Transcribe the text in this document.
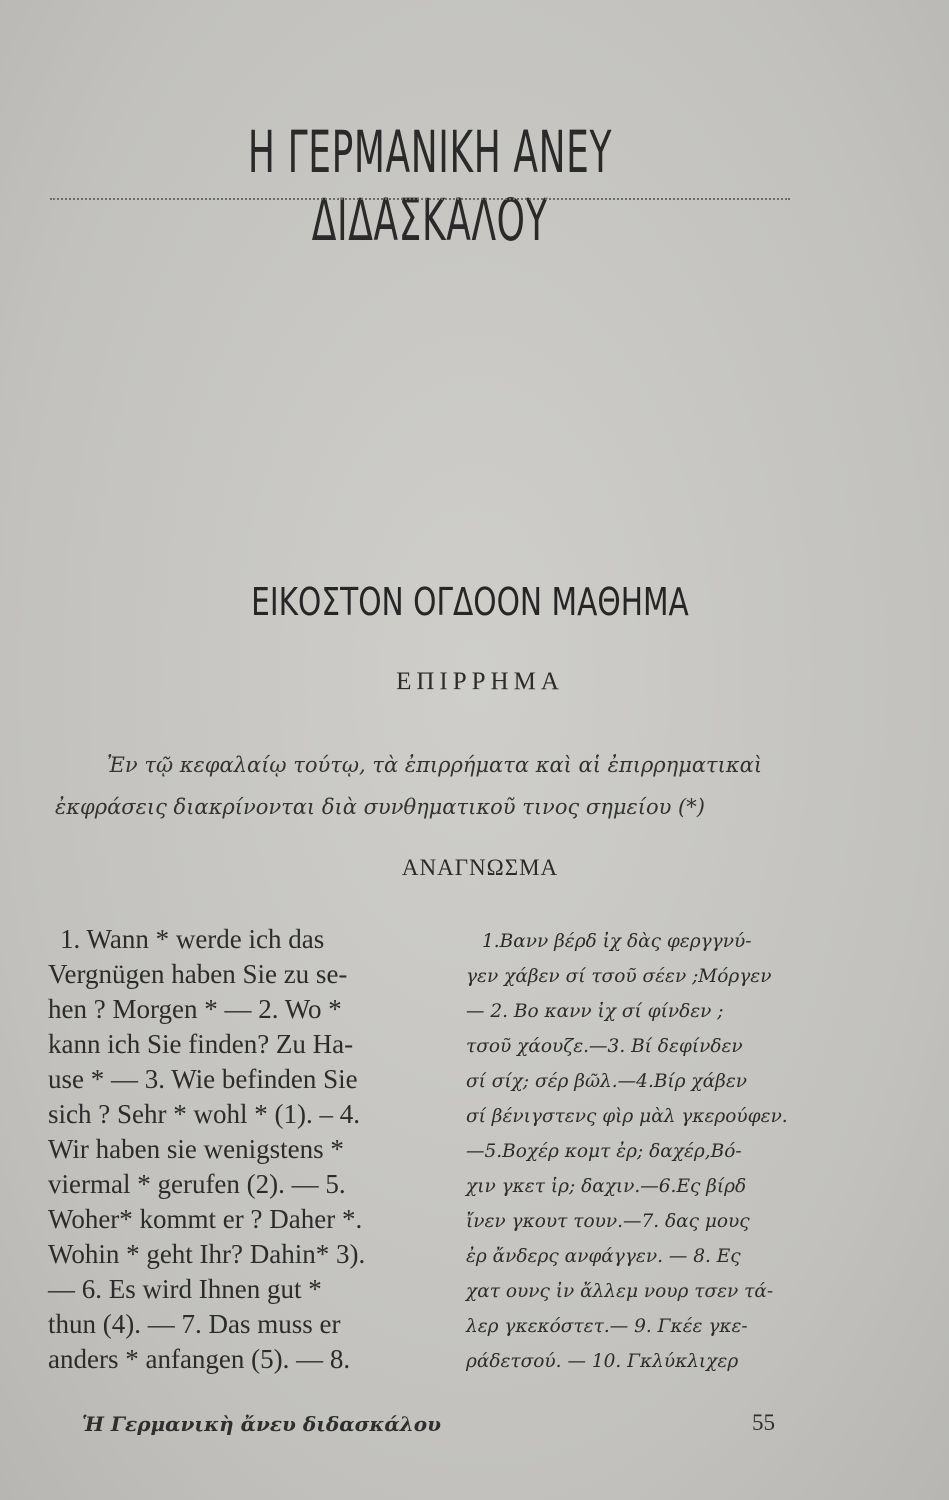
Η ΓΕΡΜΑΝΙΚΗ ΑΝΕΥ ΔΙΔΑΣΚΑΛΟΥ
ΕΙΚΟΣΤΟΝ ΟΓΔΟΟΝ ΜΑΘΗΜΑ
ΕΠΙΡΡΗΜΑ
Ἐν τῷ κεφαλαίῳ τούτῳ, τὰ ἐπιρρήματα καὶ αἱ ἐπιρρηματικαὶ
ἐκφράσεις διακρίνονται διὰ συνθηματικοῦ τινος σημείου (*)
ΑΝΑΓΝΩΣΜΑ
1. Wann * werde ich das
Vergnügen haben Sie zu se-
hen ? Morgen * — 2. Wo *
kann ich Sie finden? Zu Ha-
use * — 3. Wie befinden Sie
sich ? Sehr * wohl * (1). – 4.
Wir haben sie wenigstens *
viermal * gerufen (2). — 5.
Woher* kommt er ? Daher *.
Wohin * geht Ihr? Dahin* 3).
— 6. Es wird Ihnen gut *
thun (4). — 7. Das muss er
anders * anfangen (5). — 8.
1.Βανν βέρδ ἰχ δὰς φεργγνύ-
γεν χάβεν σί τσοῦ σέεν ;Μόργεν
— 2. Βο κανν ἰχ σί φίνδεν ;
τσοῦ χάουζε.—3. Βί δεφίνδεν
σί σίχ; σέρ βῶλ.—4.Βίρ χάβεν
σί βένιγστενς φὶρ μὰλ γκερούφεν.
—5.Βοχέρ κομτ ἐρ; δαχέρ,Βό-
χιν γκετ ἱρ; δαχιν.—6.Ες βίρδ
ἴνεν γκουτ τουν.—7. δας μους
ἐρ ἄνδερς ανφάγγεν. — 8. Ες
χατ ουνς ἰν ἄλλεμ νουρ τσεν τά-
λερ γκεκόστετ.— 9. Γκέε γκε-
ράδετσού. — 10. Γκλύκλιχερ
Ἡ Γερμανικὴ ἄνευ διδασκάλου	55
